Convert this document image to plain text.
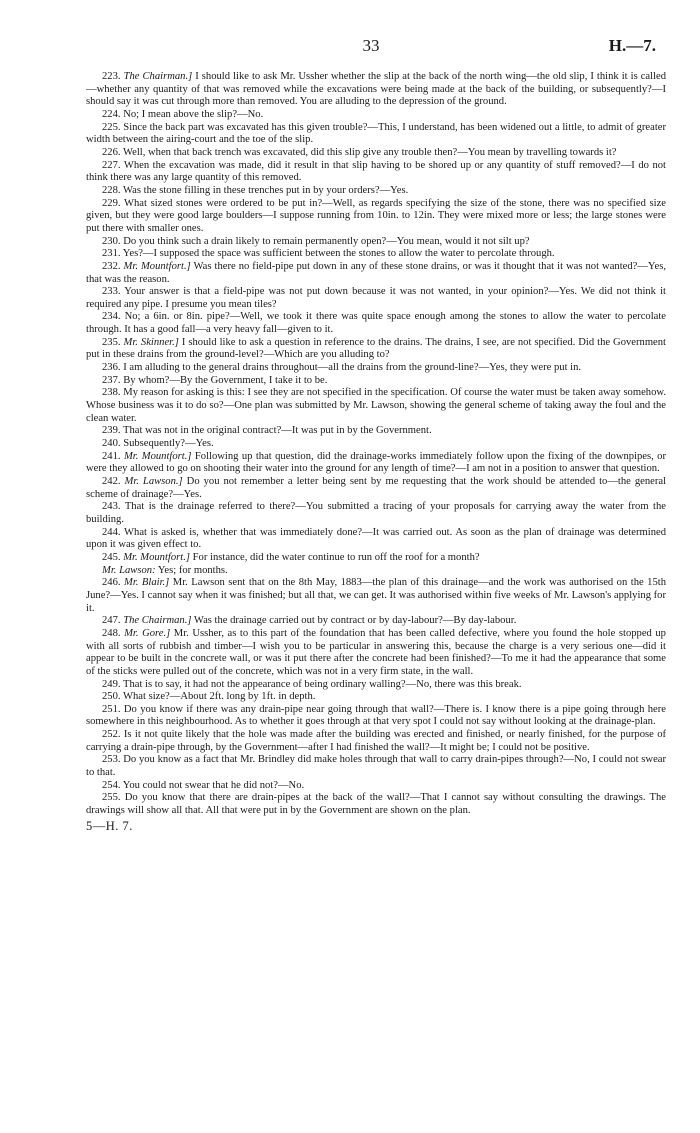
33	H.—7.
223. The Chairman.] I should like to ask Mr. Ussher whether the slip at the back of the north wing—the old slip, I think it is called—whether any quantity of that was removed while the excavations were being made at the back of the building, or subsequently?—I should say it was cut through more than removed. You are alluding to the depression of the ground.
224. No; I mean above the slip?—No.
225. Since the back part was excavated has this given trouble?—This, I understand, has been widened out a little, to admit of greater width between the airing-court and the toe of the slip.
226. Well, when that back trench was excavated, did this slip give any trouble then?—You mean by travelling towards it?
227. When the excavation was made, did it result in that slip having to be shored up or any quantity of stuff removed?—I do not think there was any large quantity of this removed.
228. Was the stone filling in these trenches put in by your orders?—Yes.
229. What sized stones were ordered to be put in?—Well, as regards specifying the size of the stone, there was no specified size given, but they were good large boulders—I suppose running from 10in. to 12in. They were mixed more or less; the large stones were put there with smaller ones.
230. Do you think such a drain likely to remain permanently open?—You mean, would it not silt up?
231. Yes?—I supposed the space was sufficient between the stones to allow the water to percolate through.
232. Mr. Mountfort.] Was there no field-pipe put down in any of these stone drains, or was it thought that it was not wanted?—Yes, that was the reason.
233. Your answer is that a field-pipe was not put down because it was not wanted, in your opinion?—Yes. We did not think it required any pipe. I presume you mean tiles?
234. No; a 6in. or 8in. pipe?—Well, we took it there was quite space enough among the stones to allow the water to percolate through. It has a good fall—a very heavy fall—given to it.
235. Mr. Skinner.] I should like to ask a question in reference to the drains. The drains, I see, are not specified. Did the Government put in these drains from the ground-level?—Which are you alluding to?
236. I am alluding to the general drains throughout—all the drains from the ground-line?—Yes, they were put in.
237. By whom?—By the Government, I take it to be.
238. My reason for asking is this: I see they are not specified in the specification. Of course the water must be taken away somehow. Whose business was it to do so?—One plan was submitted by Mr. Lawson, showing the general scheme of taking away the foul and the clean water.
239. That was not in the original contract?—It was put in by the Government.
240. Subsequently?—Yes.
241. Mr. Mountfort.] Following up that question, did the drainage-works immediately follow upon the fixing of the downpipes, or were they allowed to go on shooting their water into the ground for any length of time?—I am not in a position to answer that question.
242. Mr. Lawson.] Do you not remember a letter being sent by me requesting that the work should be attended to—the general scheme of drainage?—Yes.
243. That is the drainage referred to there?—You submitted a tracing of your proposals for carrying away the water from the building.
244. What is asked is, whether that was immediately done?—It was carried out. As soon as the plan of drainage was determined upon it was given effect to.
245. Mr. Mountfort.] For instance, did the water continue to run off the roof for a month?
Mr. Lawson: Yes; for months.
246. Mr. Blair.] Mr. Lawson sent that on the 8th May, 1883—the plan of this drainage—and the work was authorised on the 15th June?—Yes. I cannot say when it was finished; but all that, we can get. It was authorised within five weeks of Mr. Lawson's applying for it.
247. The Chairman.] Was the drainage carried out by contract or by day-labour?—By day-labour.
248. Mr. Gore.] Mr. Ussher, as to this part of the foundation that has been called defective, where you found the hole stopped up with all sorts of rubbish and timber—I wish you to be particular in answering this, because the charge is a very serious one—did it appear to be built in the concrete wall, or was it put there after the concrete had been finished?—To me it had the appearance that some of the sticks were pulled out of the concrete, which was not in a very firm state, in the wall.
249. That is to say, it had not the appearance of being ordinary walling?—No, there was this break.
250. What size?—About 2ft. long by 1ft. in depth.
251. Do you know if there was any drain-pipe near going through that wall?—There is. I know there is a pipe going through here somewhere in this neighbourhood. As to whether it goes through at that very spot I could not say without looking at the drainage-plan.
252. Is it not quite likely that the hole was made after the building was erected and finished, or nearly finished, for the purpose of carrying a drain-pipe through, by the Government—after I had finished the wall?—It might be; I could not be positive.
253. Do you know as a fact that Mr. Brindley did make holes through that wall to carry drain-pipes through?—No, I could not swear to that.
254. You could not swear that he did not?—No.
255. Do you know that there are drain-pipes at the back of the wall?—That I cannot say without consulting the drawings. The drawings will show all that. All that were put in by the Government are shown on the plan.
5—H. 7.
